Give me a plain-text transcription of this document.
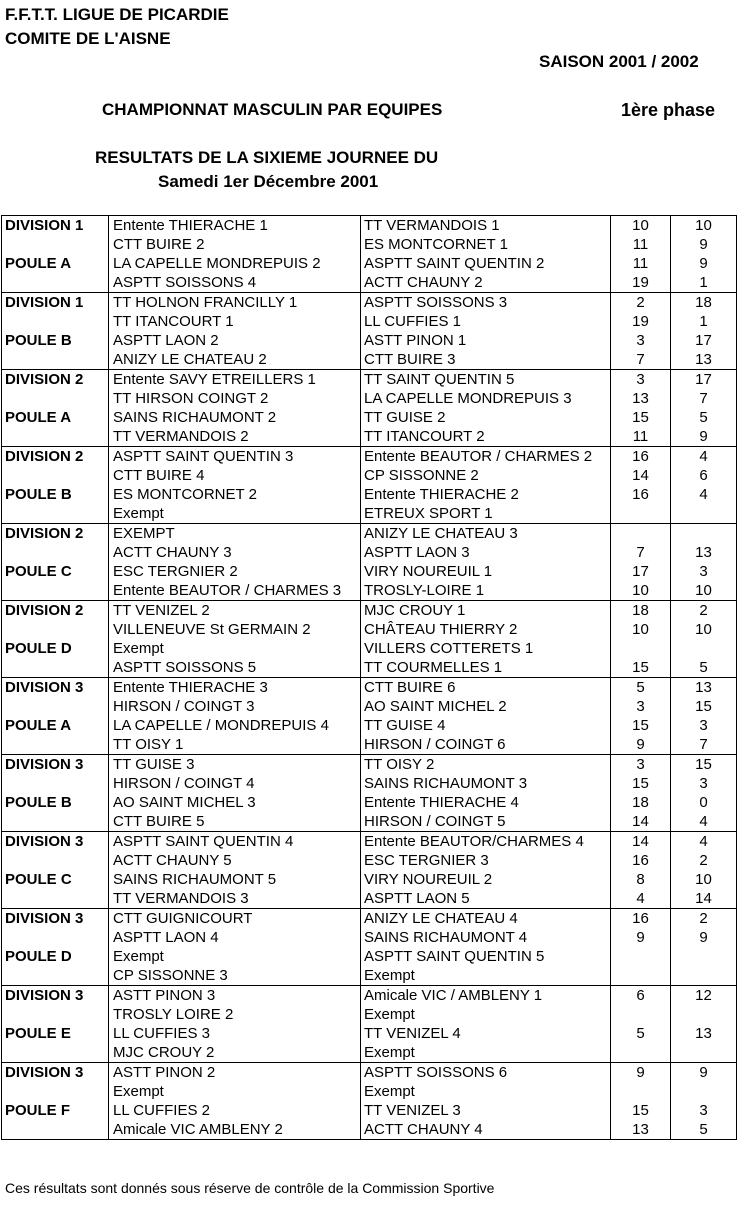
F.F.T.T. LIGUE DE PICARDIE
COMITE DE L'AISNE
SAISON 2001 / 2002
CHAMPIONNAT MASCULIN PAR EQUIPES	1ère phase
RESULTATS DE LA SIXIEME JOURNEE DU
Samedi 1er Décembre 2001
DIVISION 1	Entente THIERACHE 1	TT VERMANDOIS 1	10	10
	CTT BUIRE 2	ES MONTCORNET 1	11	9
POULE A	LA CAPELLE MONDREPUIS 2	ASPTT SAINT QUENTIN 2	11	9
	ASPTT SOISSONS 4	ACTT CHAUNY 2	19	1
DIVISION 1	TT HOLNON FRANCILLY 1	ASPTT SOISSONS 3	2	18
	TT ITANCOURT 1	LL CUFFIES 1	19	1
POULE B	ASPTT LAON 2	ASTT PINON 1	3	17
	ANIZY LE CHATEAU 2	CTT BUIRE 3	7	13
DIVISION 2	Entente SAVY ETREILLERS 1	TT SAINT QUENTIN 5	3	17
	TT HIRSON COINGT 2	LA CAPELLE MONDREPUIS 3	13	7
POULE A	SAINS RICHAUMONT 2	TT GUISE 2	15	5
	TT VERMANDOIS 2	TT ITANCOURT 2	11	9
DIVISION 2	ASPTT SAINT QUENTIN 3	Entente BEAUTOR / CHARMES 2	16	4
	CTT BUIRE 4	CP SISSONNE 2	14	6
POULE B	ES MONTCORNET 2	Entente THIERACHE 2	16	4
	Exempt	ETREUX SPORT 1		
DIVISION 2	EXEMPT	ANIZY LE CHATEAU 3		
	ACTT CHAUNY 3	ASPTT LAON 3	7	13
POULE C	ESC TERGNIER 2	VIRY NOUREUIL 1	17	3
	Entente BEAUTOR / CHARMES 3	TROSLY-LOIRE 1	10	10
DIVISION 2	TT VENIZEL 2	MJC CROUY 1	18	2
	VILLENEUVE St GERMAIN 2	CHÂTEAU THIERRY 2	10	10
POULE D	Exempt	VILLERS COTTERETS 1		
	ASPTT SOISSONS 5	TT COURMELLES 1	15	5
DIVISION 3	Entente THIERACHE 3	CTT BUIRE 6	5	13
	HIRSON / COINGT 3	AO SAINT MICHEL 2	3	15
POULE A	LA CAPELLE / MONDREPUIS 4	TT GUISE 4	15	3
	TT OISY 1	HIRSON / COINGT 6	9	7
DIVISION 3	TT GUISE 3	TT OISY 2	3	15
	HIRSON / COINGT 4	SAINS RICHAUMONT 3	15	3
POULE B	AO SAINT MICHEL 3	Entente THIERACHE 4	18	0
	CTT BUIRE 5	HIRSON / COINGT 5	14	4
DIVISION 3	ASPTT SAINT QUENTIN 4	Entente BEAUTOR/CHARMES 4	14	4
	ACTT CHAUNY 5	ESC TERGNIER 3	16	2
POULE C	SAINS RICHAUMONT 5	VIRY NOUREUIL 2	8	10
	TT VERMANDOIS 3	ASPTT LAON 5	4	14
DIVISION 3	CTT GUIGNICOURT	ANIZY LE CHATEAU 4	16	2
	ASPTT LAON 4	SAINS RICHAUMONT 4	9	9
POULE D	Exempt	ASPTT SAINT QUENTIN 5		
	CP SISSONNE 3	Exempt		
DIVISION 3	ASTT PINON 3	Amicale VIC / AMBLENY 1	6	12
	TROSLY LOIRE 2	Exempt		
POULE E	LL CUFFIES 3	TT VENIZEL 4	5	13
	MJC CROUY 2	Exempt		
DIVISION 3	ASTT PINON 2	ASPTT SOISSONS 6	9	9
	Exempt	Exempt		
POULE F	LL CUFFIES 2	TT VENIZEL 3	15	3
	Amicale VIC AMBLENY 2	ACTT CHAUNY 4	13	5
Ces résultats sont donnés sous réserve de contrôle de la Commission Sportive
